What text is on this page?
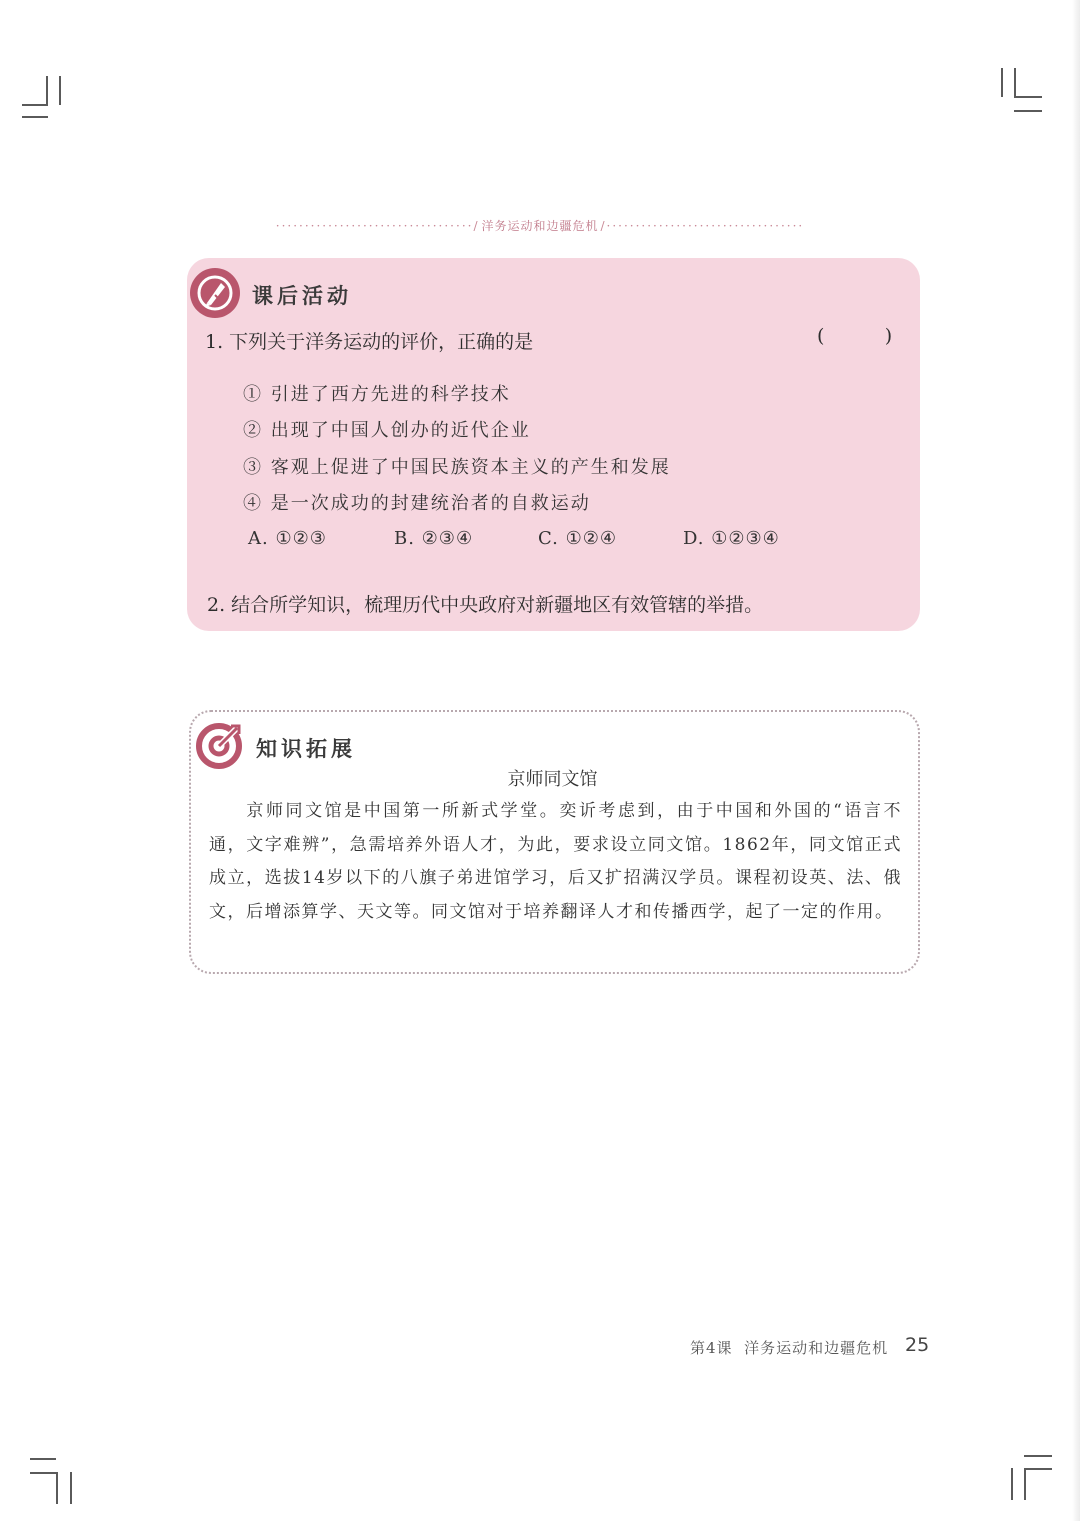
··································/ 洋务运动和边疆危机 /··································
课后活动
1. 下列关于洋务运动的评价，正确的是	(          )
① 引进了西方先进的科学技术
② 出现了中国人创办的近代企业
③ 客观上促进了中国民族资本主义的产生和发展
④ 是一次成功的封建统治者的自救运动
A. ①②③	B. ②③④	C. ①②④	D. ①②③④
2. 结合所学知识，梳理历代中央政府对新疆地区有效管辖的举措。
知识拓展
京师同文馆

京师同文馆是中国第一所新式学堂。奕䜣考虑到，由于中国和外国的“语言不通，文字难辨”，急需培养外语人才，为此，要求设立同文馆。1862年，同文馆正式成立，选拔14岁以下的八旗子弟进馆学习，后又扩招满汉学员。课程初设英、法、俄文，后增添算学、天文等。同文馆对于培养翻译人才和传播西学，起了一定的作用。

第4课  洋务运动和边疆危机 25
